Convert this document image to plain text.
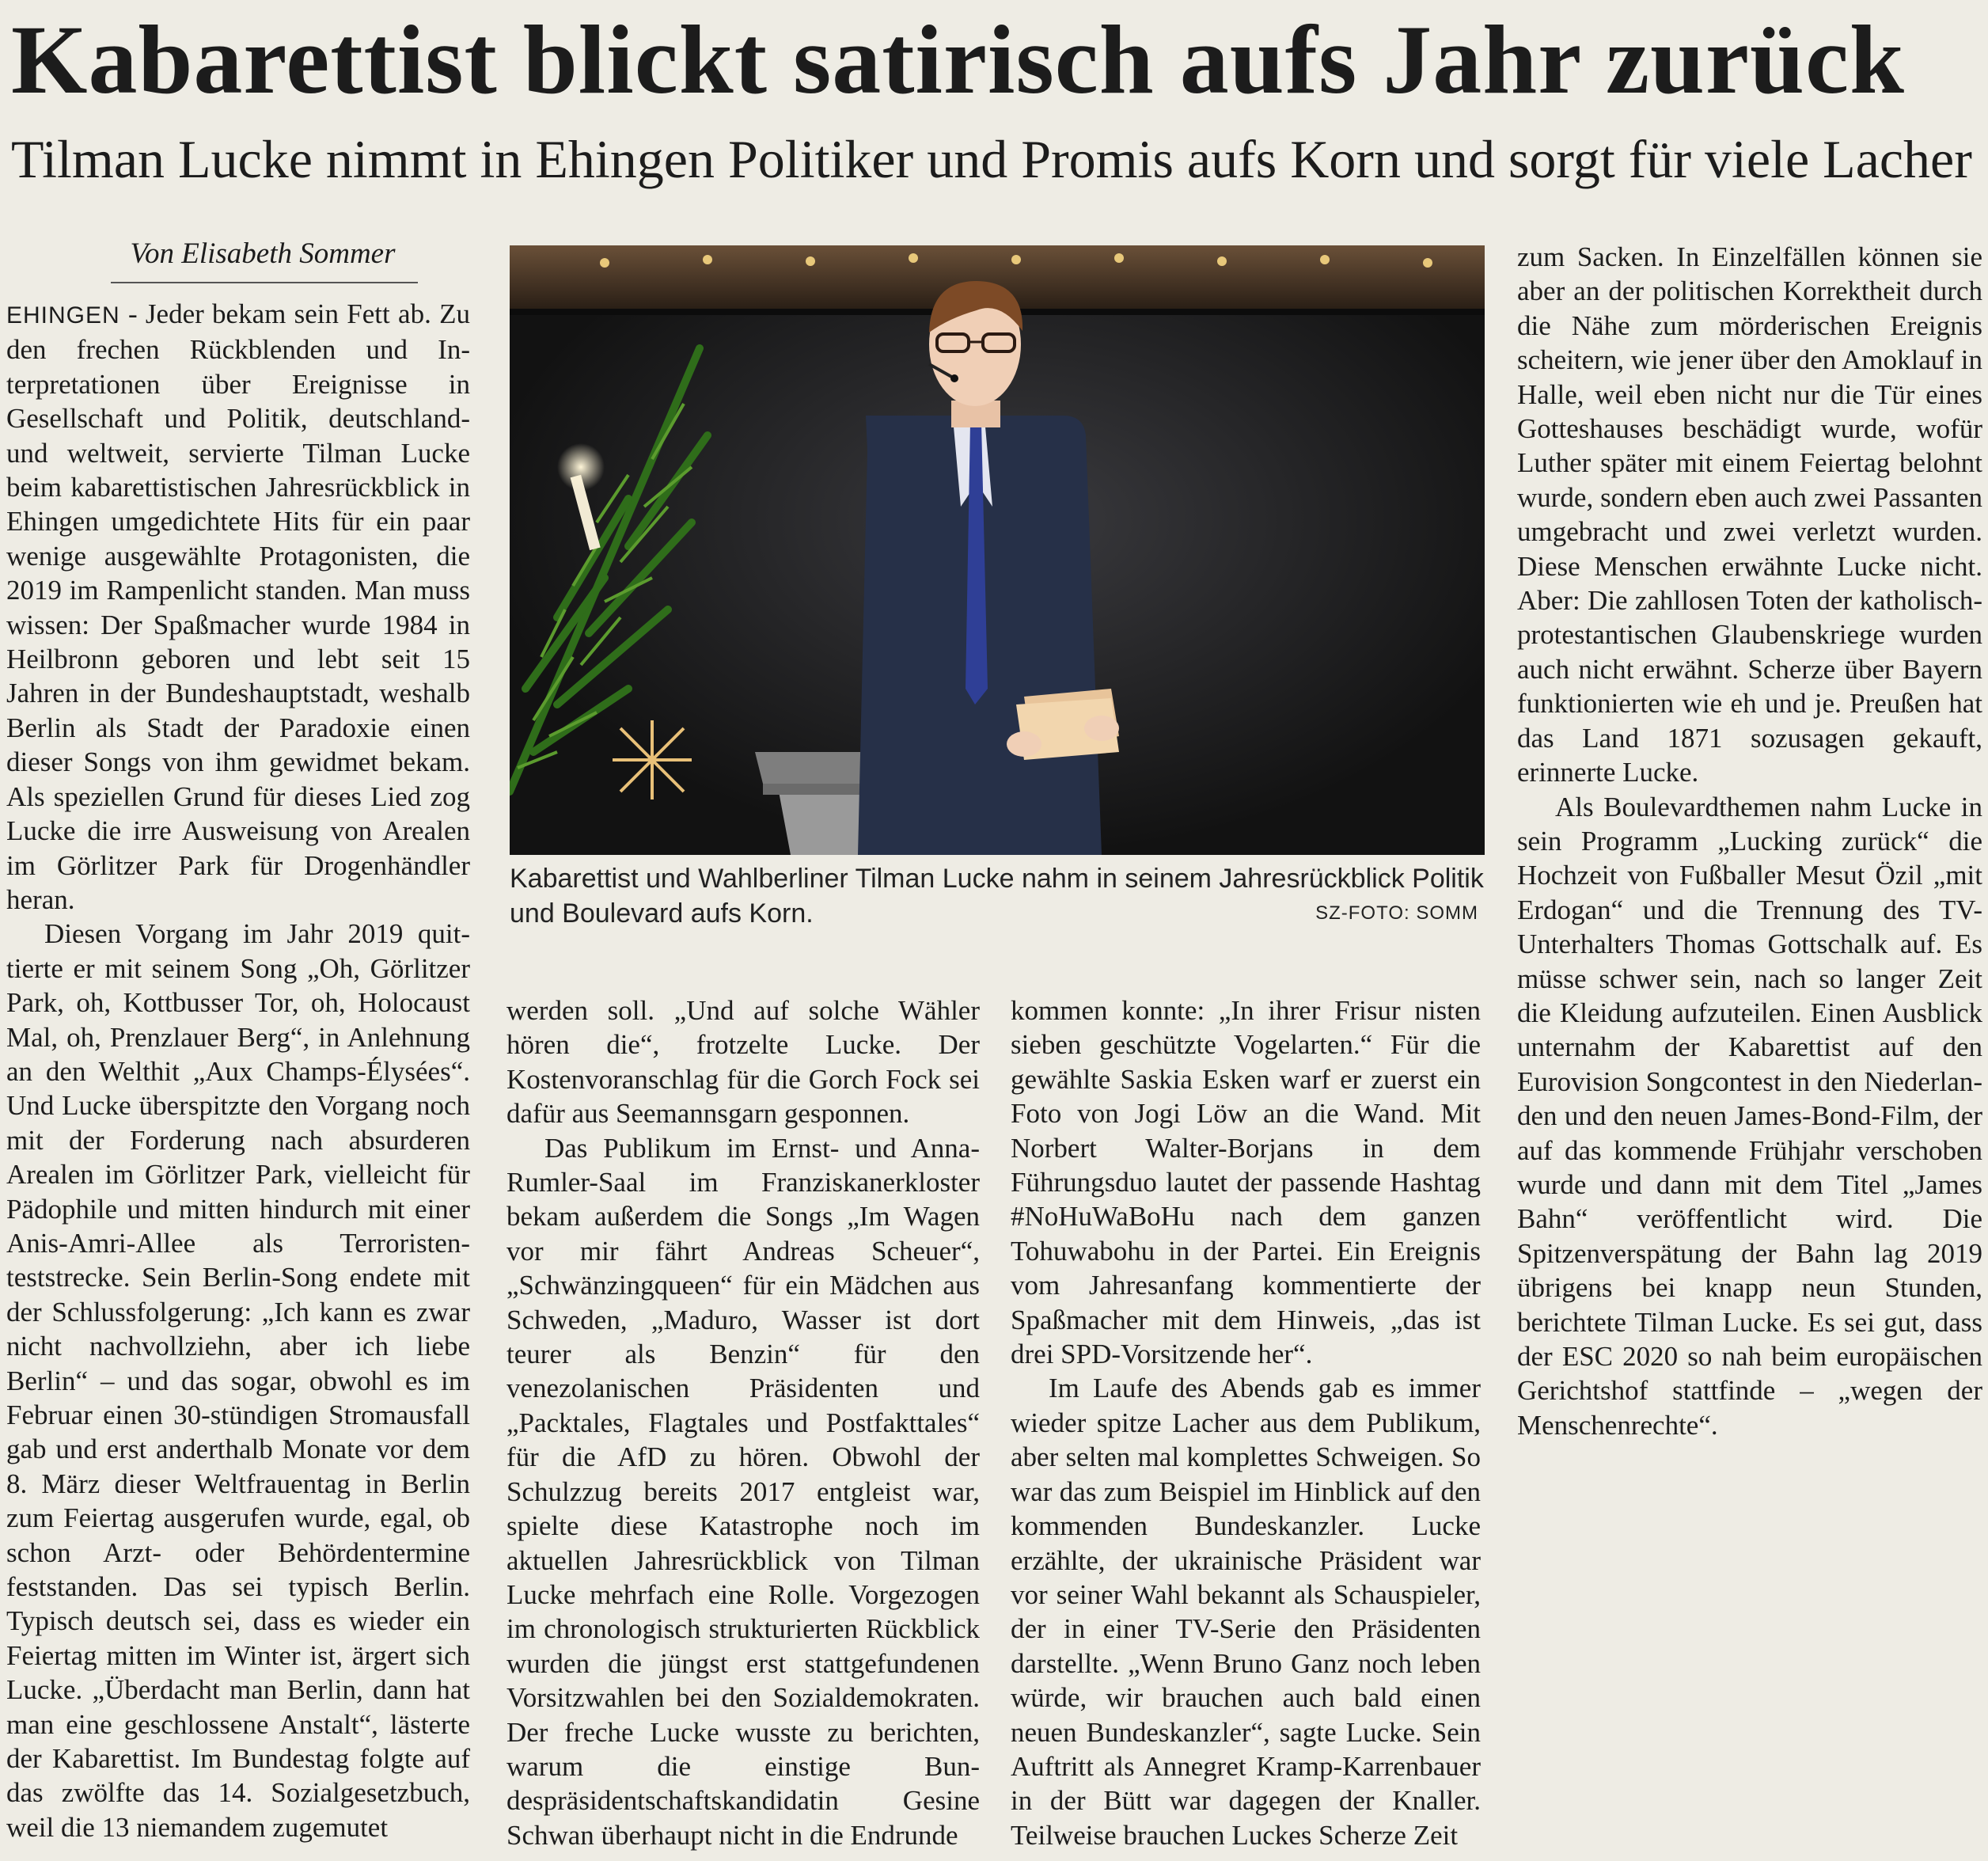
Kabarettist blickt satirisch aufs Jahr zurück
Tilman Lucke nimmt in Ehingen Politiker und Promis aufs Korn und sorgt für viele Lacher
Von Elisabeth Sommer
Kabarettist und Wahlberliner Tilman Lucke nahm in seinem Jahresrückblick Politik und Boulevard aufs Korn.	SZ-FOTO: SOMM

EHINGEN - Jeder bekam sein Fett ab. Zu den frechen Rückblenden und Interpretationen über Ereignisse in Gesellschaft und Politik, deutschland- und weltweit, servierte Tilman Lucke beim kabarettistischen Jahresrückblick in Ehingen umgedichtete Hits für ein paar wenige ausgewählte Protagonisten, die 2019 im Rampenlicht standen. Man muss wissen: Der Spaßmacher wurde 1984 in Heilbronn geboren und lebt seit 15 Jahren in der Bundeshauptstadt, weshalb Berlin als Stadt der Paradoxie einen dieser Songs von ihm gewidmet bekam. Als speziellen Grund für dieses Lied zog Lucke die irre Ausweisung von Arealen im Görlitzer Park für Drogenhändler heran.

Diesen Vorgang im Jahr 2019 quittierte er mit seinem Song „Oh, Görlitzer Park, oh, Kottbusser Tor, oh, Holocaust Mal, oh, Prenzlauer Berg“, in Anlehnung an den Welthit „Aux Champs-Élysées“. Und Lucke überspitzte den Vorgang noch mit der Forderung nach absurderen Arealen im Görlitzer Park, vielleicht für Pädophile und mitten hindurch mit einer Anis-Amri-Allee als Terroristenteststrecke. Sein Berlin-Song endete mit der Schlussfolgerung: „Ich kann es zwar nicht nachvollziehn, aber ich liebe Berlin“ – und das sogar, obwohl es im Februar einen 30-stündigen Stromausfall gab und erst anderthalb Monate vor dem 8. März dieser Weltfrauentag in Berlin zum Feiertag ausgerufen wurde, egal, ob schon Arzt- oder Behördentermine feststanden. Das sei typisch Berlin. Typisch deutsch sei, dass es wieder ein Feiertag mitten im Winter ist, ärgert sich Lucke. „Überdacht man Berlin, dann hat man eine geschlossene Anstalt“, lästerte der Kabarettist. Im Bundestag folgte auf das zwölfte das 14. Sozialgesetzbuch, weil die 13 niemandem zugemutet

werden soll. „Und auf solche Wähler hören die“, frotzelte Lucke. Der Kostenvoranschlag für die Gorch Fock sei dafür aus Seemannsgarn gesponnen.

Das Publikum im Ernst- und Anna-Rumler-Saal im Franziskanerkloster bekam außerdem die Songs „Im Wagen vor mir fährt Andreas Scheuer“, „Schwänzingqueen“ für ein Mädchen aus Schweden, „Maduro, Wasser ist dort teurer als Benzin“ für den venezolanischen Präsidenten und „Packtales, Flagtales und Postfakttales“ für die AfD zu hören. Obwohl der Schulzzug bereits 2017 entgleist war, spielte diese Katastrophe noch im aktuellen Jahresrückblick von Tilman Lucke mehrfach eine Rolle. Vorgezogen im chronologisch strukturierten Rückblick wurden die jüngst erst stattgefundenen Vorsitzwahlen bei den Sozialdemokraten. Der freche Lucke wusste zu berichten, warum die einstige Bundespräsidentschaftskandidatin Gesine Schwan überhaupt nicht in die Endrunde

kommen konnte: „In ihrer Frisur nisten sieben geschützte Vogelarten.“ Für die gewählte Saskia Esken warf er zuerst ein Foto von Jogi Löw an die Wand. Mit Norbert Walter-Borjans in dem Führungsduo lautet der passende Hashtag #NoHuWaBoHu nach dem ganzen Tohuwabohu in der Partei. Ein Ereignis vom Jahresanfang kommentierte der Spaßmacher mit dem Hinweis, „das ist drei SPD-Vorsitzende her“.

Im Laufe des Abends gab es immer wieder spitze Lacher aus dem Publikum, aber selten mal komplettes Schweigen. So war das zum Beispiel im Hinblick auf den kommenden Bundeskanzler. Lucke erzählte, der ukrainische Präsident war vor seiner Wahl bekannt als Schauspieler, der in einer TV-Serie den Präsidenten darstellte. „Wenn Bruno Ganz noch leben würde, wir brauchen auch bald einen neuen Bundeskanzler“, sagte Lucke. Sein Auftritt als Annegret Kramp-Karrenbauer in der Bütt war dagegen der Knaller. Teilweise brauchen Luckes Scherze Zeit

zum Sacken. In Einzelfällen können sie aber an der politischen Korrektheit durch die Nähe zum mörderischen Ereignis scheitern, wie jener über den Amoklauf in Halle, weil eben nicht nur die Tür eines Gotteshauses beschädigt wurde, wofür Luther später mit einem Feiertag belohnt wurde, sondern eben auch zwei Passanten umgebracht und zwei verletzt wurden. Diese Menschen erwähnte Lucke nicht. Aber: Die zahllosen Toten der katholisch-protestantischen Glaubenskriege wurden auch nicht erwähnt. Scherze über Bayern funktionierten wie eh und je. Preußen hat das Land 1871 sozusagen gekauft, erinnerte Lucke.

Als Boulevardthemen nahm Lucke in sein Programm „Lucking zurück“ die Hochzeit von Fußballer Mesut Özil „mit Erdogan“ und die Trennung des TV-Unterhalters Thomas Gottschalk auf. Es müsse schwer sein, nach so langer Zeit die Kleidung aufzuteilen. Einen Ausblick unternahm der Kabarettist auf den Eurovision Songcontest in den Niederlanden und den neuen James-Bond-Film, der auf das kommende Frühjahr verschoben wurde und dann mit dem Titel „James Bahn“ veröffentlicht wird. Die Spitzenverspätung der Bahn lag 2019 übrigens bei knapp neun Stunden, berichtete Tilman Lucke. Es sei gut, dass der ESC 2020 so nah beim europäischen Gerichtshof stattfinde – „wegen der Menschenrechte“.
